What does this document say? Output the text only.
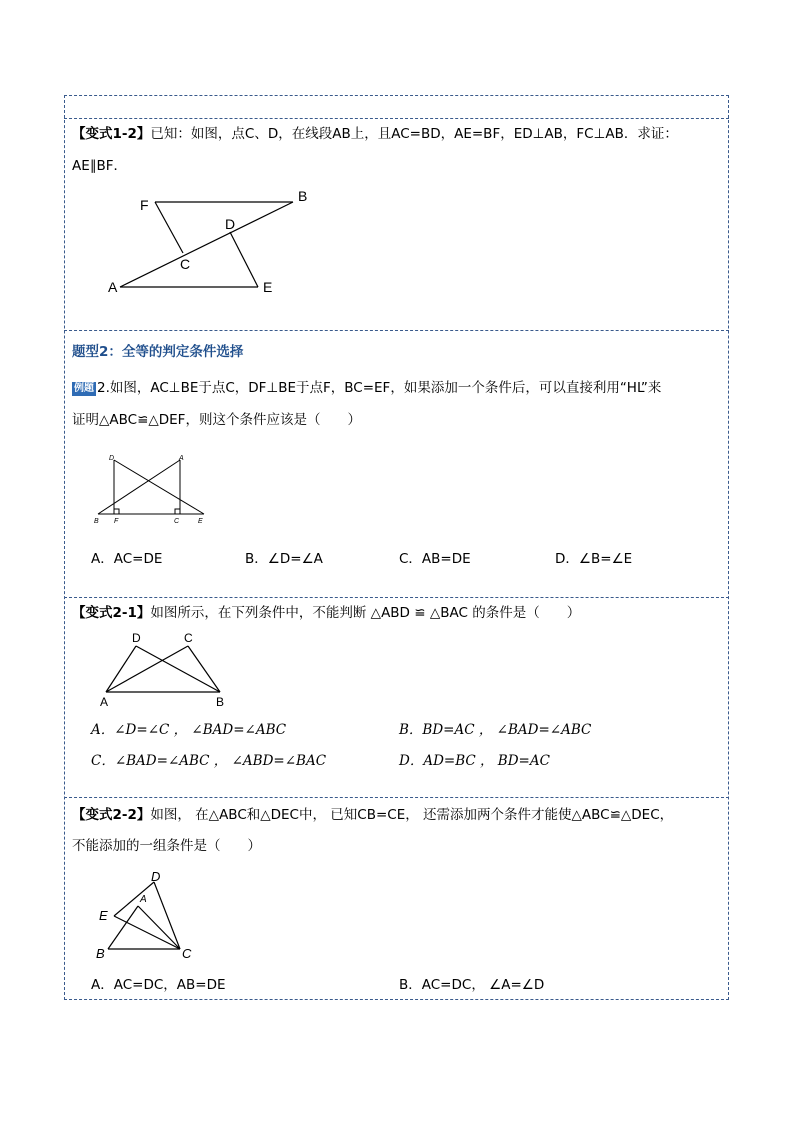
【变式1-2】已知：如图，点C、D，在线段AB上，且AC=BD，AE=BF，ED⊥AB，FC⊥AB．求证：
AE∥BF．
F
B
D
C
A	E
题型2：全等的判定条件选择
例题 2.如图，AC⊥BE于点C，DF⊥BE于点F，BC=EF，如果添加一个条件后，可以直接利用“HL”来
证明△ABC≌△DEF，则这个条件应该是（　　）
D	A
B F	C	E
A．AC=DE	B．∠D=∠A	C．AB=DE	D．∠B=∠E
【变式2-1】如图所示，在下列条件中，不能判断 △ABD ≌ △BAC 的条件是（　　）
D	C
A	B
A．∠D=∠C ， ∠BAD=∠ABC	B．BD=AC ， ∠BAD=∠ABC
C．∠BAD=∠ABC ， ∠ABD=∠BAC	D．AD=BC ， BD=AC
【变式2-2】如图， 在△ABC和△DEC中， 已知CB=CE， 还需添加两个条件才能使△ABC≌△DEC，
不能添加的一组条件是（　　）
D
A
E
B	C
A．AC=DC，AB=DE	B．AC=DC， ∠A=∠D
